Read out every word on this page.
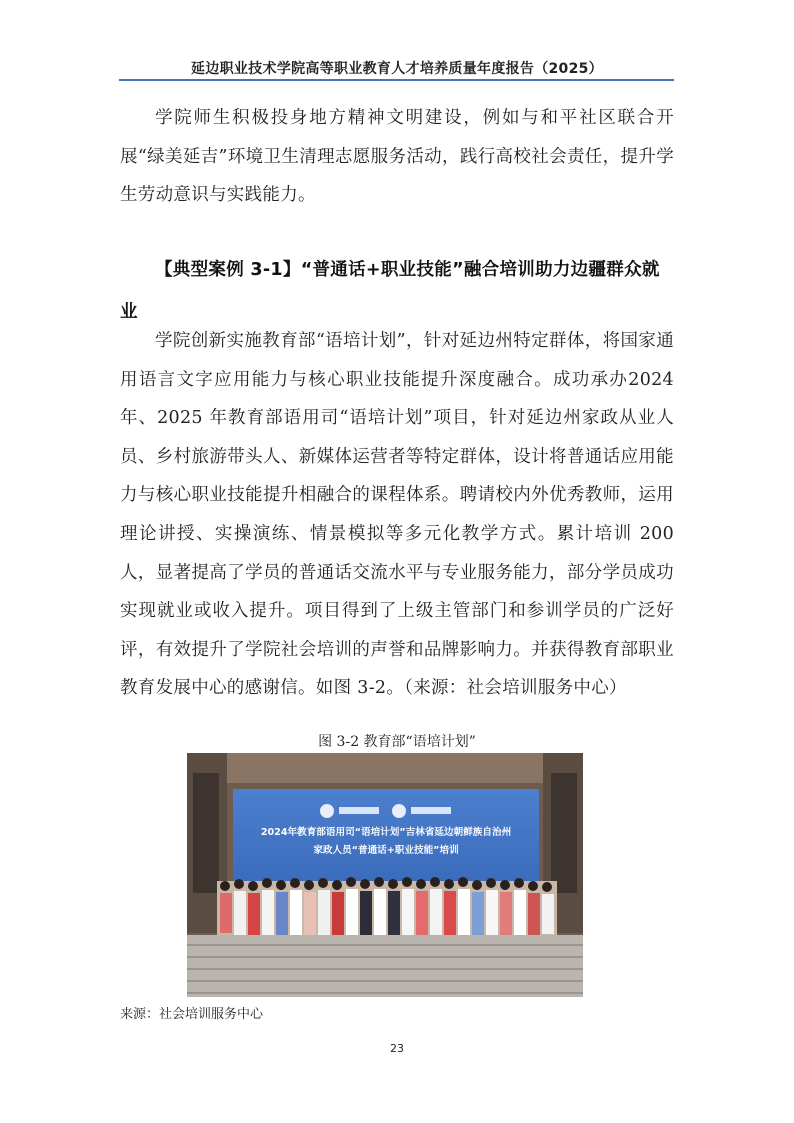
延边职业技术学院高等职业教育人才培养质量年度报告（2025）

学院师生积极投身地方精神文明建设，例如与和平社区联合开展“绿美延吉”环境卫生清理志愿服务活动，践行高校社会责任，提升学生劳动意识与实践能力。

【典型案例 3-1】“普通话+职业技能”融合培训助力边疆群众就业

学院创新实施教育部“语培计划”，针对延边州特定群体，将国家通用语言文字应用能力与核心职业技能提升深度融合。成功承办2024 年、2025 年教育部语用司“语培计划”项目，针对延边州家政从业人员、乡村旅游带头人、新媒体运营者等特定群体，设计将普通话应用能力与核心职业技能提升相融合的课程体系。聘请校内外优秀教师，运用理论讲授、实操演练、情景模拟等多元化教学方式。累计培训 200 人，显著提高了学员的普通话交流水平与专业服务能力，部分学员成功实现就业或收入提升。项目得到了上级主管部门和参训学员的广泛好评，有效提升了学院社会培训的声誉和品牌影响力。并获得教育部职业教育发展中心的感谢信。如图 3-2。（来源：社会培训服务中心）

图 3-2 教育部“语培计划”
2024年教育部语用司“语培计划”吉林省延边朝鲜族自治州
家政人员“普通话+职业技能”培训
来源：社会培训服务中心
23
